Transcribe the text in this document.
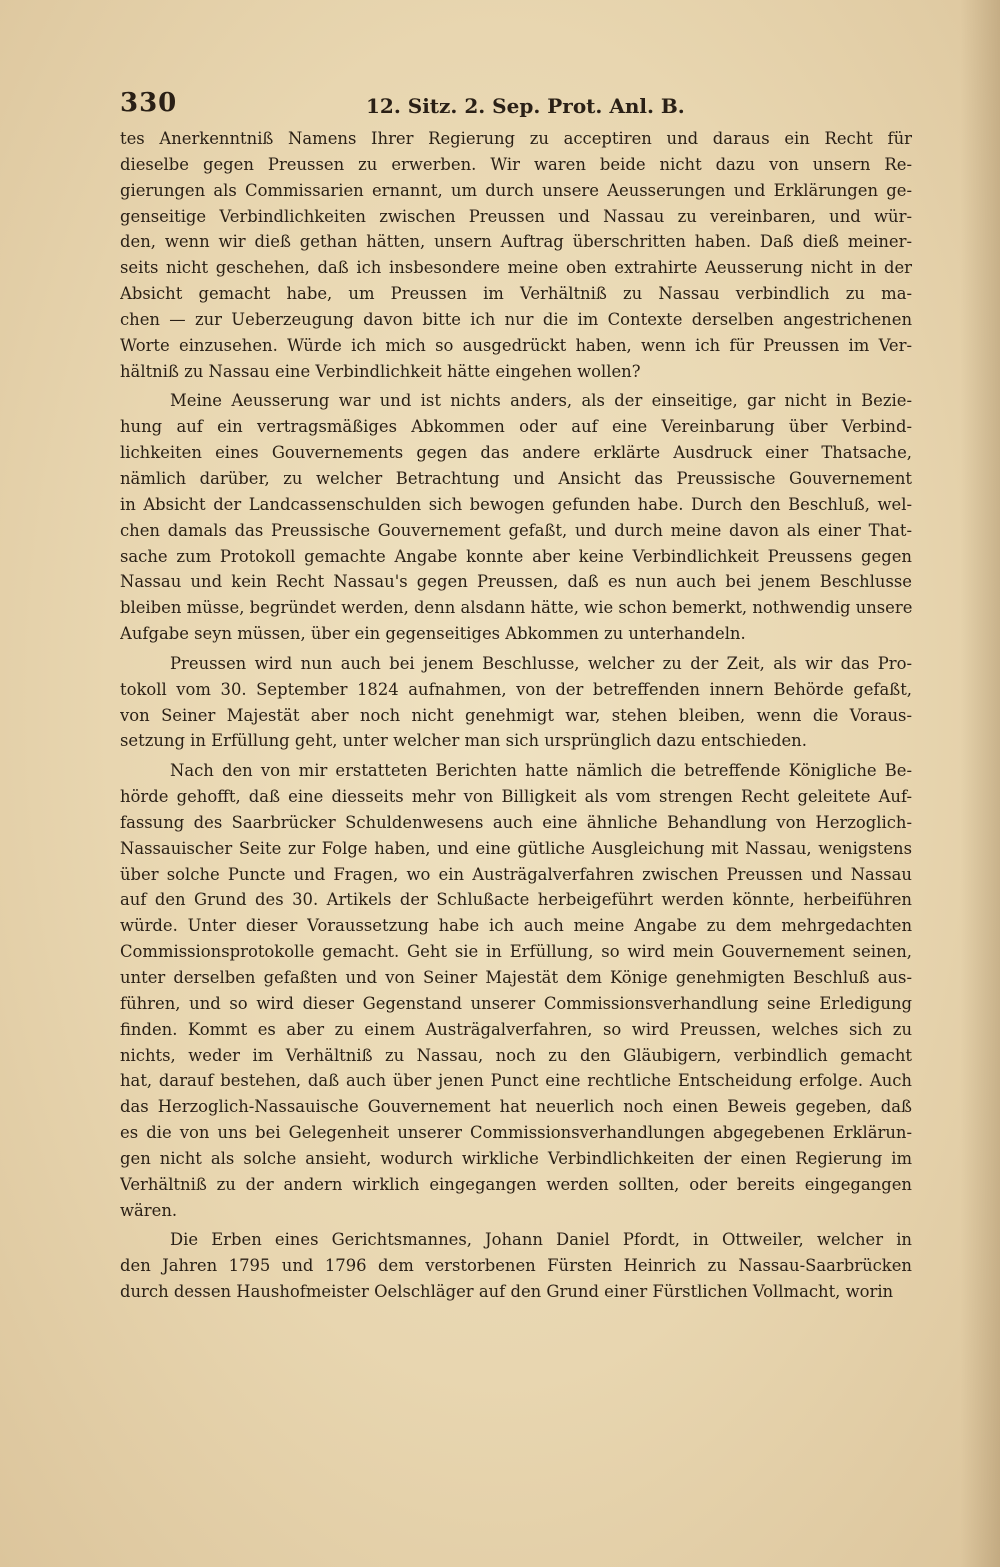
330	12. Sitz. 2. Sep. Prot. Anl. B.
tes Anerkenntniß Namens Ihrer Regierung zu acceptiren und daraus ein Recht für
dieselbe gegen Preussen zu erwerben. Wir waren beide nicht dazu von unsern Re-
gierungen als Commissarien ernannt, um durch unsere Aeusserungen und Erklärungen ge-
genseitige Verbindlichkeiten zwischen Preussen und Nassau zu vereinbaren, und wür-
den, wenn wir dieß gethan hätten, unsern Auftrag überschritten haben. Daß dieß meiner-
seits nicht geschehen, daß ich insbesondere meine oben extrahirte Aeusserung nicht in der
Absicht gemacht habe, um Preussen im Verhältniß zu Nassau verbindlich zu ma-
chen — zur Ueberzeugung davon bitte ich nur die im Contexte derselben angestrichenen
Worte einzusehen. Würde ich mich so ausgedrückt haben, wenn ich für Preussen im Ver-
hältniß zu Nassau eine Verbindlichkeit hätte eingehen wollen?
Meine Aeusserung war und ist nichts anders, als der einseitige, gar nicht in Bezie-
hung auf ein vertragsmäßiges Abkommen oder auf eine Vereinbarung über Verbind-
lichkeiten eines Gouvernements gegen das andere erklärte Ausdruck einer Thatsache,
nämlich darüber, zu welcher Betrachtung und Ansicht das Preussische Gouvernement
in Absicht der Landcassenschulden sich bewogen gefunden habe. Durch den Beschluß, wel-
chen damals das Preussische Gouvernement gefaßt, und durch meine davon als einer That-
sache zum Protokoll gemachte Angabe konnte aber keine Verbindlichkeit Preussens gegen
Nassau und kein Recht Nassau's gegen Preussen, daß es nun auch bei jenem Beschlusse
bleiben müsse, begründet werden, denn alsdann hätte, wie schon bemerkt, nothwendig unsere
Aufgabe seyn müssen, über ein gegenseitiges Abkommen zu unterhandeln.
Preussen wird nun auch bei jenem Beschlusse, welcher zu der Zeit, als wir das Pro-
tokoll vom 30. September 1824 aufnahmen, von der betreffenden innern Behörde gefaßt,
von Seiner Majestät aber noch nicht genehmigt war, stehen bleiben, wenn die Voraus-
setzung in Erfüllung geht, unter welcher man sich ursprünglich dazu entschieden.
Nach den von mir erstatteten Berichten hatte nämlich die betreffende Königliche Be-
hörde gehofft, daß eine diesseits mehr von Billigkeit als vom strengen Recht geleitete Auf-
fassung des Saarbrücker Schuldenwesens auch eine ähnliche Behandlung von Herzoglich-
Nassauischer Seite zur Folge haben, und eine gütliche Ausgleichung mit Nassau, wenigstens
über solche Puncte und Fragen, wo ein Austrägalverfahren zwischen Preussen und Nassau
auf den Grund des 30. Artikels der Schlußacte herbeigeführt werden könnte, herbeiführen
würde. Unter dieser Voraussetzung habe ich auch meine Angabe zu dem mehrgedachten
Commissionsprotokolle gemacht. Geht sie in Erfüllung, so wird mein Gouvernement seinen,
unter derselben gefaßten und von Seiner Majestät dem Könige genehmigten Beschluß aus-
führen, und so wird dieser Gegenstand unserer Commissionsverhandlung seine Erledigung
finden. Kommt es aber zu einem Austrägalverfahren, so wird Preussen, welches sich zu
nichts, weder im Verhältniß zu Nassau, noch zu den Gläubigern, verbindlich gemacht
hat, darauf bestehen, daß auch über jenen Punct eine rechtliche Entscheidung erfolge. Auch
das Herzoglich-Nassauische Gouvernement hat neuerlich noch einen Beweis gegeben, daß
es die von uns bei Gelegenheit unserer Commissionsverhandlungen abgegebenen Erklärun-
gen nicht als solche ansieht, wodurch wirkliche Verbindlichkeiten der einen Regierung im
Verhältniß zu der andern wirklich eingegangen werden sollten, oder bereits eingegangen
wären.
Die Erben eines Gerichtsmannes, Johann Daniel Pfordt, in Ottweiler, welcher in
den Jahren 1795 und 1796 dem verstorbenen Fürsten Heinrich zu Nassau-Saarbrücken
durch dessen Haushofmeister Oelschläger auf den Grund einer Fürstlichen Vollmacht, worin
